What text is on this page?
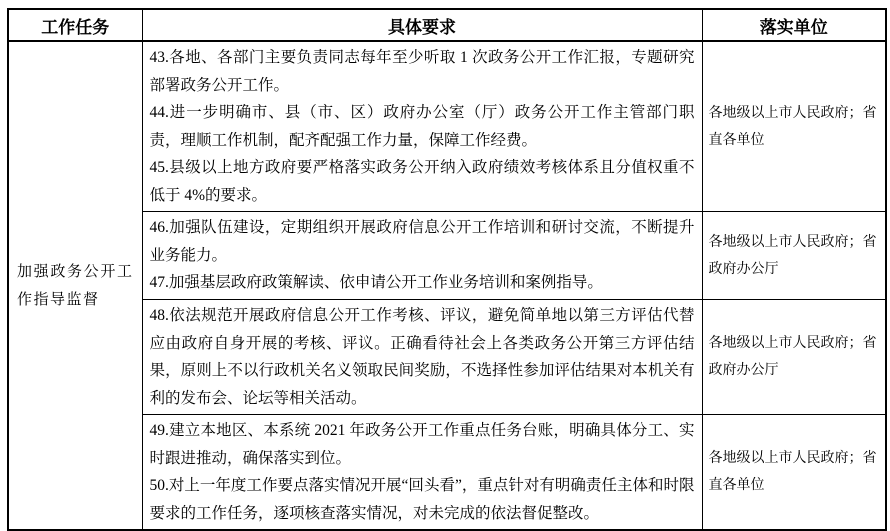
工作任务	具体要求	落实单位
加强政务公开工作指导监督	43.各地、各部门主要负责同志每年至少听取 1 次政务公开工作汇报，专题研究部署政务公开工作。

44.进一步明确市、县（市、区）政府办公室（厅）政务公开工作主管部门职责，理顺工作机制，配齐配强工作力量，保障工作经费。

45.县级以上地方政府要严格落实政务公开纳入政府绩效考核体系且分值权重不低于 4%的要求。	各地级以上市人民政府；省直各单位

	46.加强队伍建设，定期组织开展政府信息公开工作培训和研讨交流，不断提升业务能力。

47.加强基层政府政策解读、依申请公开工作业务培训和案例指导。	各地级以上市人民政府；省政府办公厅

	48.依法规范开展政府信息公开工作考核、评议，避免简单地以第三方评估代替应由政府自身开展的考核、评议。正确看待社会上各类政务公开第三方评估结果，原则上不以行政机关名义领取民间奖励，不选择性参加评估结果对本机关有利的发布会、论坛等相关活动。	各地级以上市人民政府；省政府办公厅

	49.建立本地区、本系统 2021 年政务公开工作重点任务台账，明确具体分工、实时跟进推动，确保落实到位。

50.对上一年度工作要点落实情况开展“回头看”，重点针对有明确责任主体和时限要求的工作任务，逐项核查落实情况，对未完成的依法督促整改。	各地级以上市人民政府；省直各单位
